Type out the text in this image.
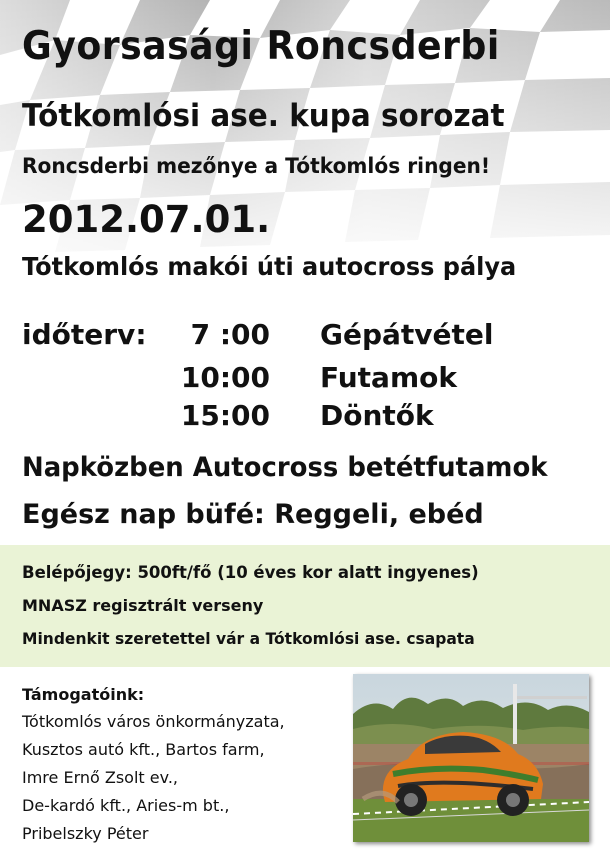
Gyorsasági Roncsderbi
Tótkomlósi ase. kupa sorozat
Roncsderbi mezőnye a Tótkomlós ringen!
2012.07.01.
Tótkomlós makói úti autocross pálya
időterv:	7 :00 Gépátvétel
10:00 Futamok
15:00 Döntők
Napközben Autocross betétfutamok
Egész nap büfé: Reggeli, ebéd
Belépőjegy: 500ft/fő (10 éves kor alatt ingyenes)
MNASZ regisztrált verseny
Mindenkit szeretettel vár a Tótkomlósi ase. csapata
Támogatóink:
Tótkomlós város önkormányzata,
Kusztos autó kft., Bartos farm,
Imre Ernő Zsolt ev.,
De-kardó kft., Aries-m bt.,
Pribelszky Péter
